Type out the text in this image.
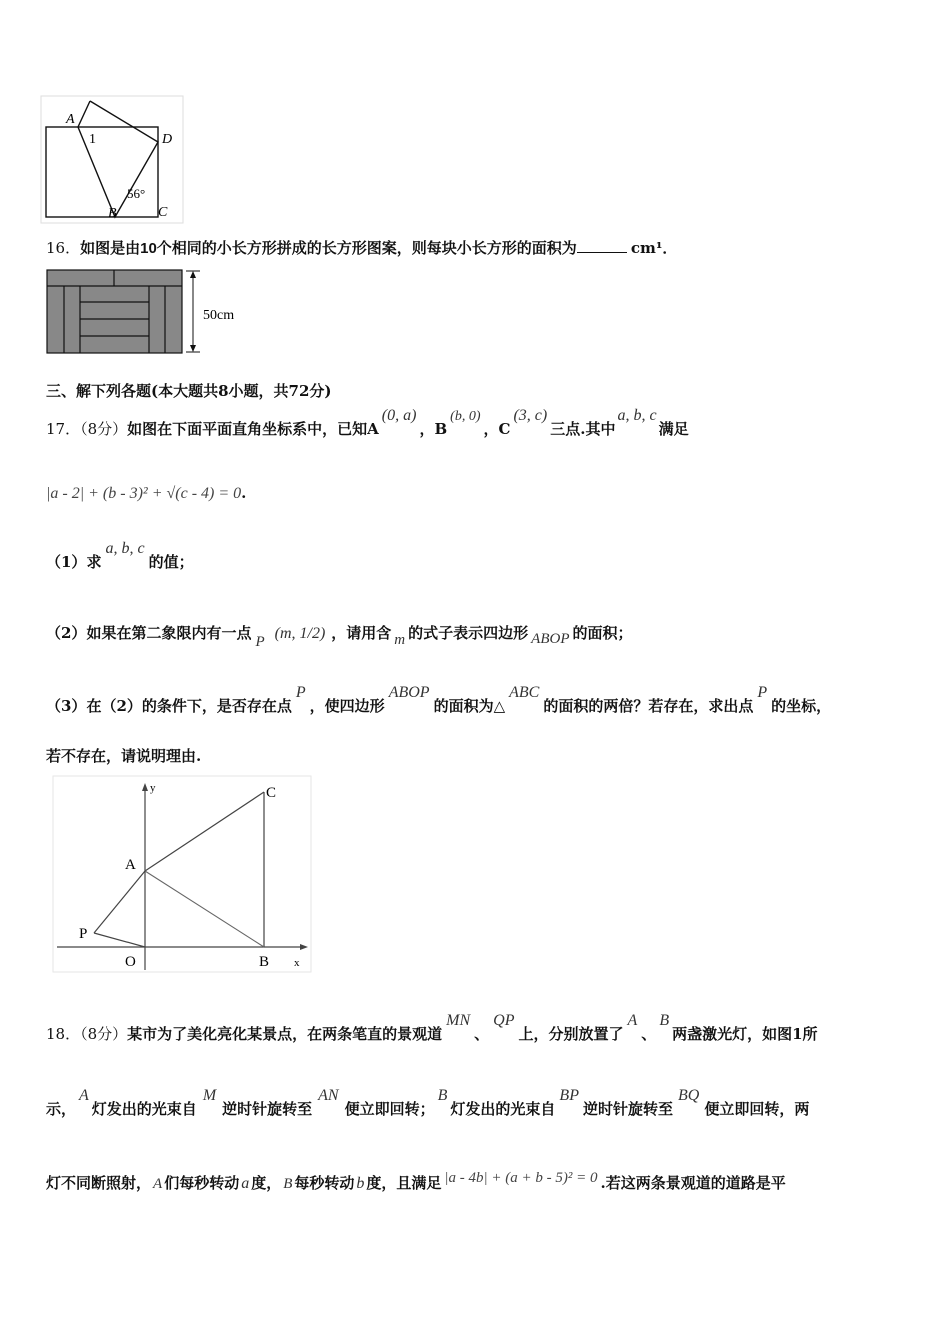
A
1	D
56°
B	C
16．如图是由10个相同的小长方形拼成的长方形图案，则每块小长方形的面积为	cm¹．
50cm
三、解下列各题(本大题共8小题，共72分)
17．（8分）如图在下面平面直角坐标系中，已知A(0, a)，B(b, 0)，C(3, c)三点.其中a, b, c满足
|a - 2| + (b - 3)² + √(c - 4) = 0.
（1）求a, b, c的值；
（2）如果在第二象限内有一点 P (m, 1/2) ，请用含 m 的式子表示四边形 ABOP 的面积；
（3）在（2）的条件下，是否存在点P，使四边形ABOP的面积为△ABC的面积的两倍？若存在，求出点P的坐标，
若不存在，请说明理由.
y	C
A
P
O	B x
18．（8分）某市为了美化亮化某景点，在两条笔直的景观道MN、QP上，分别放置了A、B两盏激光灯，如图1所
示，A灯发出的光束自M逆时针旋转至AN便立即回转；B灯发出的光束自BP逆时针旋转至BQ便立即回转，两
灯不同断照射， A 们每秒转动 a 度， B 每秒转动 b 度，且满足 |a - 4b| + (a + b - 5)² = 0 .若这两条景观道的道路是平
